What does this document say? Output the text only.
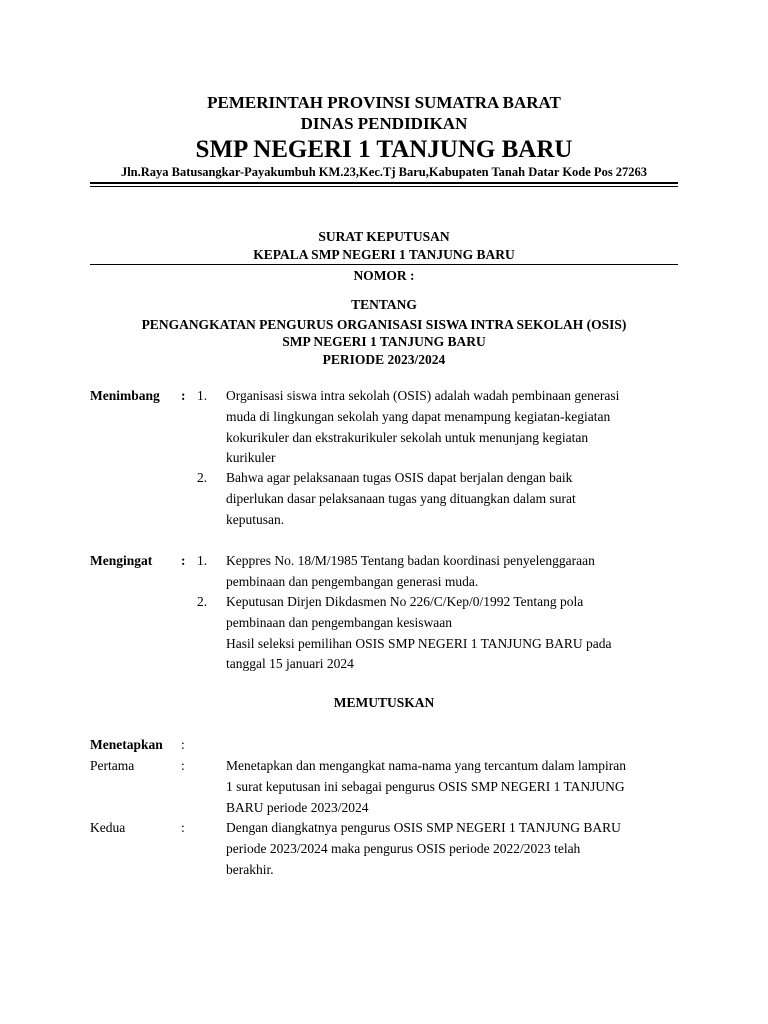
PEMERINTAH PROVINSI SUMATRA BARAT
DINAS PENDIDIKAN
SMP NEGERI 1 TANJUNG BARU
Jln.Raya Batusangkar-Payakumbuh KM.23,Kec.Tj Baru,Kabupaten Tanah Datar Kode Pos 27263
SURAT KEPUTUSAN
KEPALA SMP NEGERI 1 TANJUNG BARU
NOMOR :
TENTANG
PENGANGKATAN PENGURUS ORGANISASI SISWA INTRA SEKOLAH (OSIS)
SMP NEGERI 1 TANJUNG BARU
PERIODE 2023/2024
Menimbang : 1. Organisasi siswa intra sekolah (OSIS) adalah wadah pembinaan generasi
muda di lingkungan sekolah yang dapat menampung kegiatan-kegiatan
kokurikuler dan ekstrakurikuler sekolah untuk menunjang kegiatan
kurikuler
2. Bahwa agar pelaksanaan tugas OSIS dapat berjalan dengan baik
diperlukan dasar pelaksanaan tugas yang dituangkan dalam surat
keputusan.
Mengingat : 1. Keppres No. 18/M/1985 Tentang badan koordinasi penyelenggaraan
pembinaan dan pengembangan generasi muda.
2. Keputusan Dirjen Dikdasmen No 226/C/Kep/0/1992 Tentang pola
pembinaan dan pengembangan kesiswaan
Hasil seleksi pemilihan OSIS SMP NEGERI 1 TANJUNG BARU pada
tanggal 15 januari 2024
MEMUTUSKAN
Menetapkan :
Pertama	:	Menetapkan dan mengangkat nama-nama yang tercantum dalam lampiran
1 surat keputusan ini sebagai pengurus OSIS SMP NEGERI 1 TANJUNG
BARU periode 2023/2024
Kedua	:	Dengan diangkatnya pengurus OSIS SMP NEGERI 1 TANJUNG BARU
periode 2023/2024 maka pengurus OSIS periode 2022/2023 telah
berakhir.
